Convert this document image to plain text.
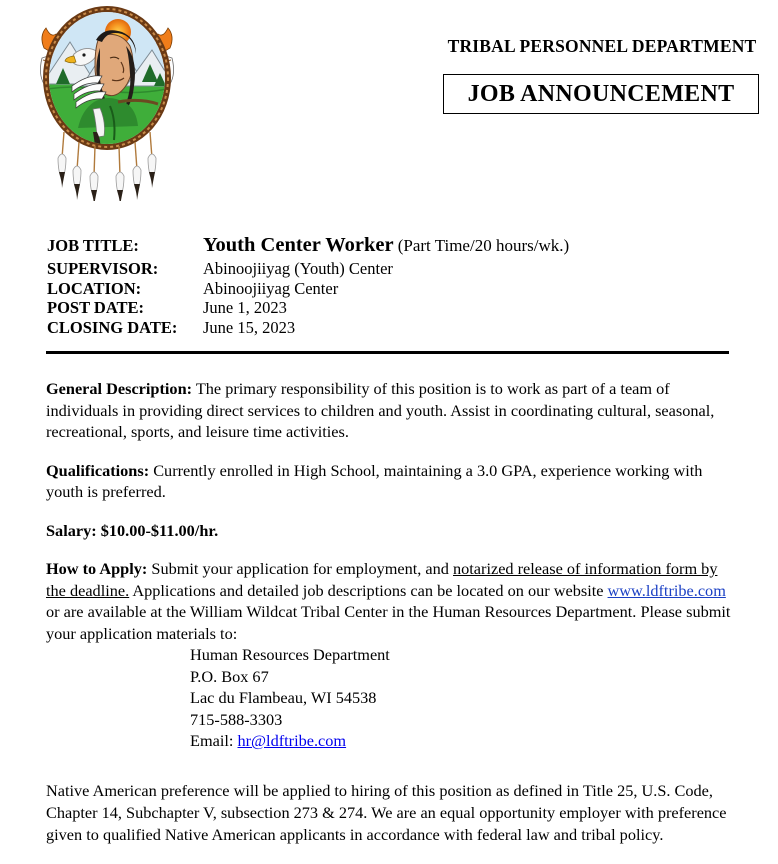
TRIBAL PERSONNEL DEPARTMENT
JOB ANNOUNCEMENT
JOB TITLE:	Youth Center Worker (Part Time/20 hours/wk.)
SUPERVISOR:	Abinoojiiyag (Youth) Center
LOCATION:	Abinoojiiyag Center
POST DATE:	June 1, 2023
CLOSING DATE:	June 15, 2023

General Description: The primary responsibility of this position is to work as part of a team of individuals in providing direct services to children and youth. Assist in coordinating cultural, seasonal, recreational, sports, and leisure time activities.

Qualifications: Currently enrolled in High School, maintaining a 3.0 GPA, experience working with youth is preferred.

Salary: $10.00-$11.00/hr.

How to Apply: Submit your application for employment, and notarized release of information form by the deadline. Applications and detailed job descriptions can be located on our website www.ldftribe.com or are available at the William Wildcat Tribal Center in the Human Resources Department. Please submit your application materials to:

Human Resources Department
P.O. Box 67
Lac du Flambeau, WI 54538
715-588-3303
Email: hr@ldftribe.com

Native American preference will be applied to hiring of this position as defined in Title 25, U.S. Code, Chapter 14, Subchapter V, subsection 273 & 274. We are an equal opportunity employer with preference given to qualified Native American applicants in accordance with federal law and tribal policy.
